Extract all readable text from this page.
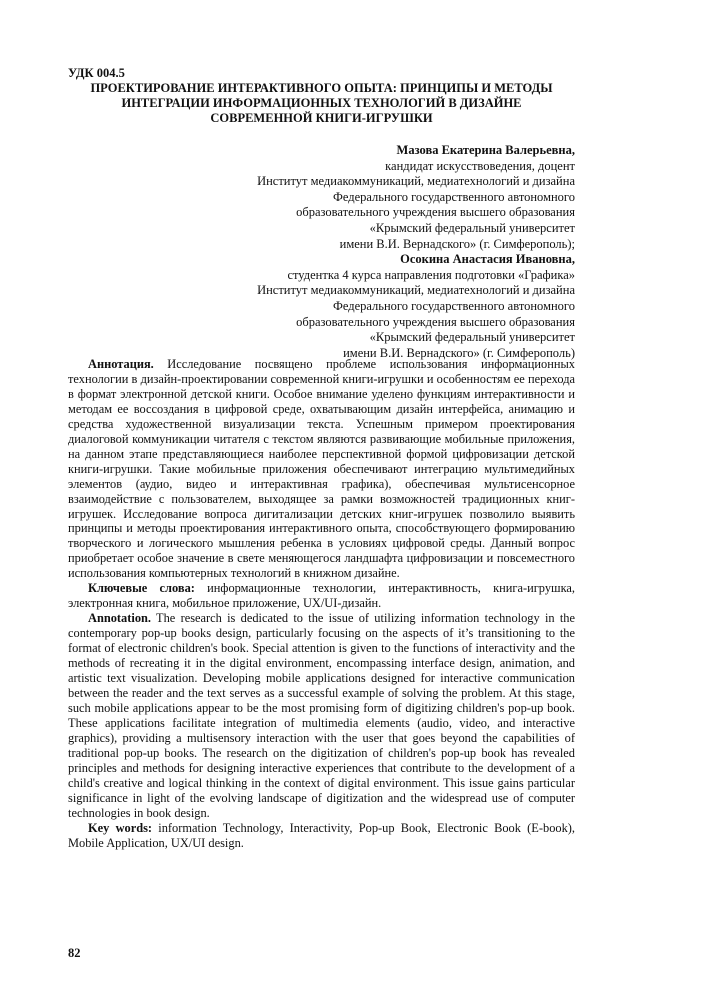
УДК 004.5
ПРОЕКТИРОВАНИЕ ИНТЕРАКТИВНОГО ОПЫТА: ПРИНЦИПЫ И МЕТОДЫ
ИНТЕГРАЦИИ ИНФОРМАЦИОННЫХ ТЕХНОЛОГИЙ В ДИЗАЙНЕ
СОВРЕМЕННОЙ КНИГИ-ИГРУШКИ
Мазова Екатерина Валерьевна,
кандидат искусствоведения, доцент
Институт медиакоммуникаций, медиатехнологий и дизайна
Федерального государственного автономного
образовательного учреждения высшего образования
«Крымский федеральный университет
имени В.И. Вернадского» (г. Симферополь);
Осокина Анастасия Ивановна,
студентка 4 курса направления подготовки «Графика»
Институт медиакоммуникаций, медиатехнологий и дизайна
Федерального государственного автономного
образовательного учреждения высшего образования
«Крымский федеральный университет
имени В.И. Вернадского» (г. Симферополь)

Аннотация. Исследование посвящено проблеме использования информационных технологии в дизайн-проектировании современной книги-игрушки и особенностям ее перехода в формат электронной детской книги. Особое внимание уделено функциям интерактивности и методам ее воссоздания в цифровой среде, охватывающим дизайн интерфейса, анимацию и средства художественной визуализации текста. Успешным примером проектирования диалоговой коммуникации читателя с текстом являются развивающие мобильные приложения, на данном этапе представляющиеся наиболее перспективной формой цифровизации детской книги-игрушки. Такие мобильные приложения обеспечивают интеграцию мультимедийных элементов (аудио, видео и интерактивная графика), обеспечивая мультисенсорное взаимодействие с пользователем, выходящее за рамки возможностей традиционных книг-игрушек. Исследование вопроса дигитализации детских книг-игрушек позволило выявить принципы и методы проектирования интерактивного опыта, способствующего формированию творческого и логического мышления ребенка в условиях цифровой среды. Данный вопрос приобретает особое значение в свете меняющегося ландшафта цифровизации и повсеместного использования компьютерных технологий в книжном дизайне.

Ключевые слова: информационные технологии, интерактивность, книга-игрушка, электронная книга, мобильное приложение, UX/UI-дизайн.

Annotation. The research is dedicated to the issue of utilizing information technology in the contemporary pop-up books design, particularly focusing on the aspects of it’s transitioning to the format of electronic children's book. Special attention is given to the functions of interactivity and the methods of recreating it in the digital environment, encompassing interface design, animation, and artistic text visualization. Developing mobile applications designed for interactive communication between the reader and the text serves as a successful example of solving the problem. At this stage, such mobile applications appear to be the most promising form of digitizing children's pop-up book. These applications facilitate integration of multimedia elements (audio, video, and interactive graphics), providing a multisensory interaction with the user that goes beyond the capabilities of traditional pop-up books. The research on the digitization of children's pop-up book has revealed principles and methods for designing interactive experiences that contribute to the development of a child's creative and logical thinking in the context of digital environment. This issue gains particular significance in light of the evolving landscape of digitization and the widespread use of computer technologies in book design.

Key words: information Technology, Interactivity, Pop-up Book, Electronic Book (E-book), Mobile Application, UX/UI design.

82
